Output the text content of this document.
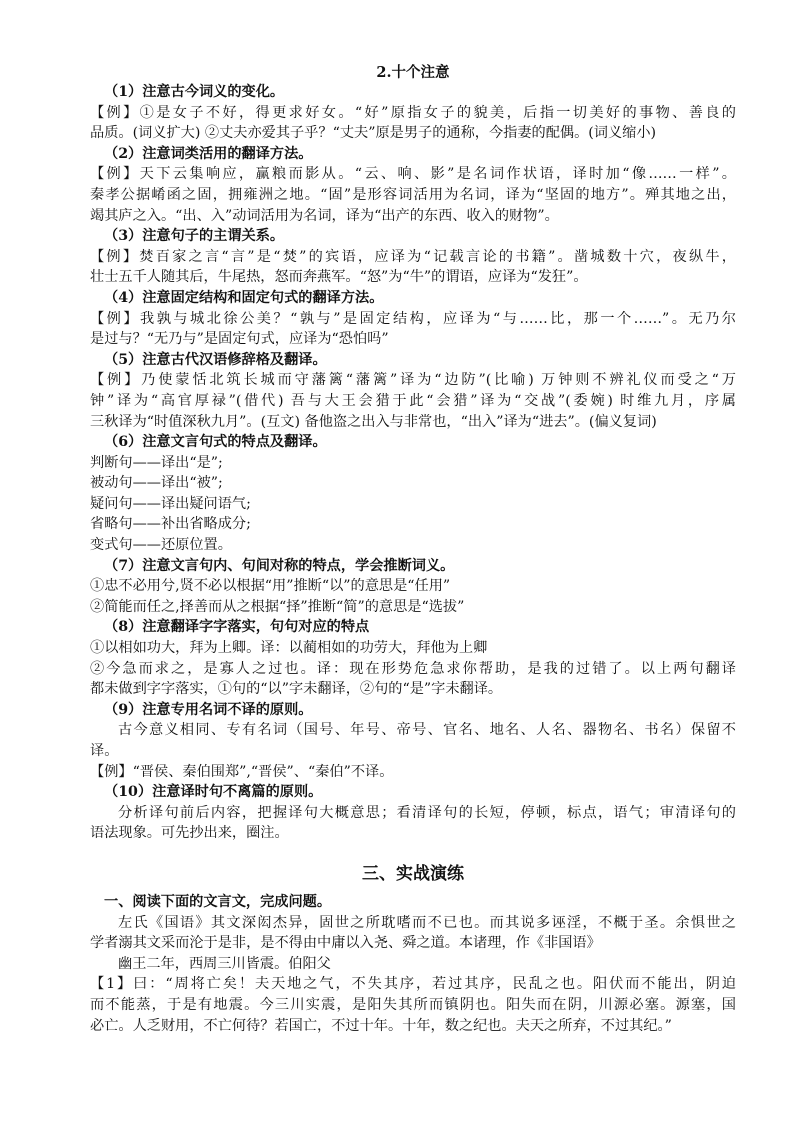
2.十个注意
（1）注意古今词义的变化。
【例】①是女子不好，得更求好女。“好”原指女子的貌美，后指一切美好的事物、善良的
品质。(词义扩大) ②丈夫亦爱其子乎？“丈夫”原是男子的通称，今指妻的配偶。(词义缩小)
（2）注意词类活用的翻译方法。
【例】天下云集响应，赢粮而影从。“云、响、影”是名词作状语，译时加“像……一样”。
秦孝公据崤函之固，拥雍洲之地。“固”是形容词活用为名词，译为“坚固的地方”。殚其地之出，
竭其庐之入。“出、入”动词活用为名词，译为“出产的东西、收入的财物”。
（3）注意句子的主谓关系。
【例】焚百家之言“言”是“焚”的宾语，应译为“记载言论的书籍”。凿城数十穴，夜纵牛，
壮士五千人随其后，牛尾热，怒而奔燕军。“怒”为“牛”的谓语，应译为“发狂”。
（4）注意固定结构和固定句式的翻译方法。
【例】我孰与城北徐公美？“孰与”是固定结构，应译为“与……比，那一个……”。无乃尔
是过与？“无乃与”是固定句式，应译为“恐怕吗”
（5）注意古代汉语修辞格及翻译。
【例】乃使蒙恬北筑长城而守藩篱“藩篱”译为“边防”(比喻) 万钟则不辨礼仪而受之“万
钟”译为“高官厚禄”(借代) 吾与大王会猎于此“会猎”译为“交战”(委婉) 时维九月，序属
三秋译为“时值深秋九月”。(互文) 备他盗之出入与非常也，“出入”译为“进去”。(偏义复词)
（6）注意文言句式的特点及翻译。
判断句——译出“是”;
被动句——译出“被”;
疑问句——译出疑问语气;
省略句——补出省略成分;
变式句——还原位置。
（7）注意文言句内、句间对称的特点，学会推断词义。
①忠不必用兮,贤不必以根据“用”推断“以”的意思是“任用”
②简能而任之,择善而从之根据“择”推断“简”的意思是“选拔”
（8）注意翻译字字落实，句句对应的特点
①以相如功大，拜为上卿。译：以蔺相如的功劳大，拜他为上卿
②今急而求之，是寡人之过也。译：现在形势危急求你帮助，是我的过错了。以上两句翻译
都未做到字字落实，①句的“以”字未翻译，②句的“是”字未翻译。
（9）注意专用名词不译的原则。
古今意义相同、专有名词（国号、年号、帝号、官名、地名、人名、器物名、书名）保留不
译。
【例】“晋侯、秦伯围郑”,“晋侯”、“秦伯”不译。
（10）注意译时句不离篇的原则。
分析译句前后内容，把握译句大概意思；看清译句的长短，停顿，标点，语气；审清译句的
语法现象。可先抄出来，圈注。
三、实战演练
一、阅读下面的文言文，完成问题。
左氏《国语》其文深闳杰异，固世之所耽嗜而不已也。而其说多诬淫，不概于圣。余惧世之
学者溺其文采而沦于是非，是不得由中庸以入尧、舜之道。本诸理，作《非国语》
幽王二年，西周三川皆震。伯阳父
【1】曰：“周将亡矣！夫天地之气，不失其序，若过其序，民乱之也。阳伏而不能出，阴迫
而不能蒸，于是有地震。今三川实震，是阳失其所而镇阴也。阳失而在阴，川源必塞。源塞，国
必亡。人乏财用，不亡何待？若国亡，不过十年。十年，数之纪也。夫天之所弃，不过其纪。”
